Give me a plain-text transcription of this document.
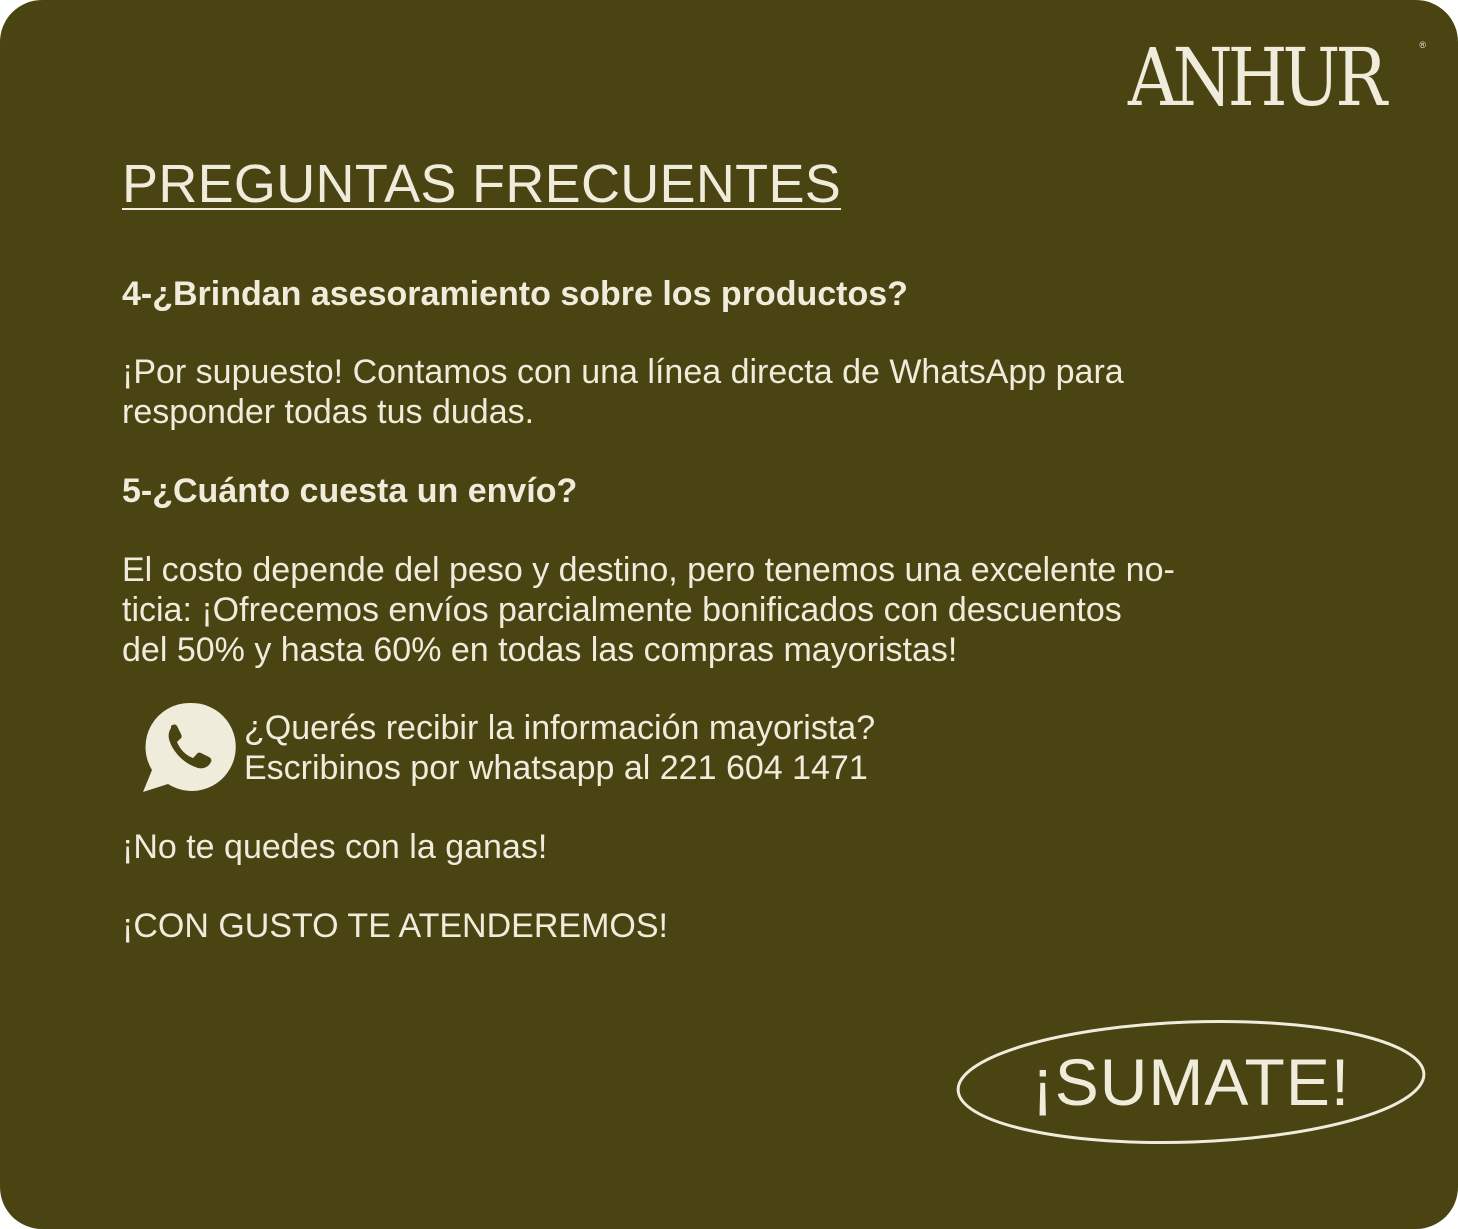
ANHUR	®
PREGUNTAS FRECUENTES

4-¿Brindan asesoramiento sobre los productos?

¡Por supuesto! Contamos con una línea directa de WhatsApp para

responder todas tus dudas.

5-¿Cuánto cuesta un envío?

El costo depende del peso y destino, pero tenemos una excelente no-

ticia: ¡Ofrecemos envíos parcialmente bonificados con descuentos

del 50% y hasta 60% en todas las compras mayoristas!

¿Querés recibir la información mayorista?
Escribinos por whatsapp al 221 604 1471

¡No te quedes con la ganas!

¡CON GUSTO TE ATENDEREMOS!

¡SUMATE!
